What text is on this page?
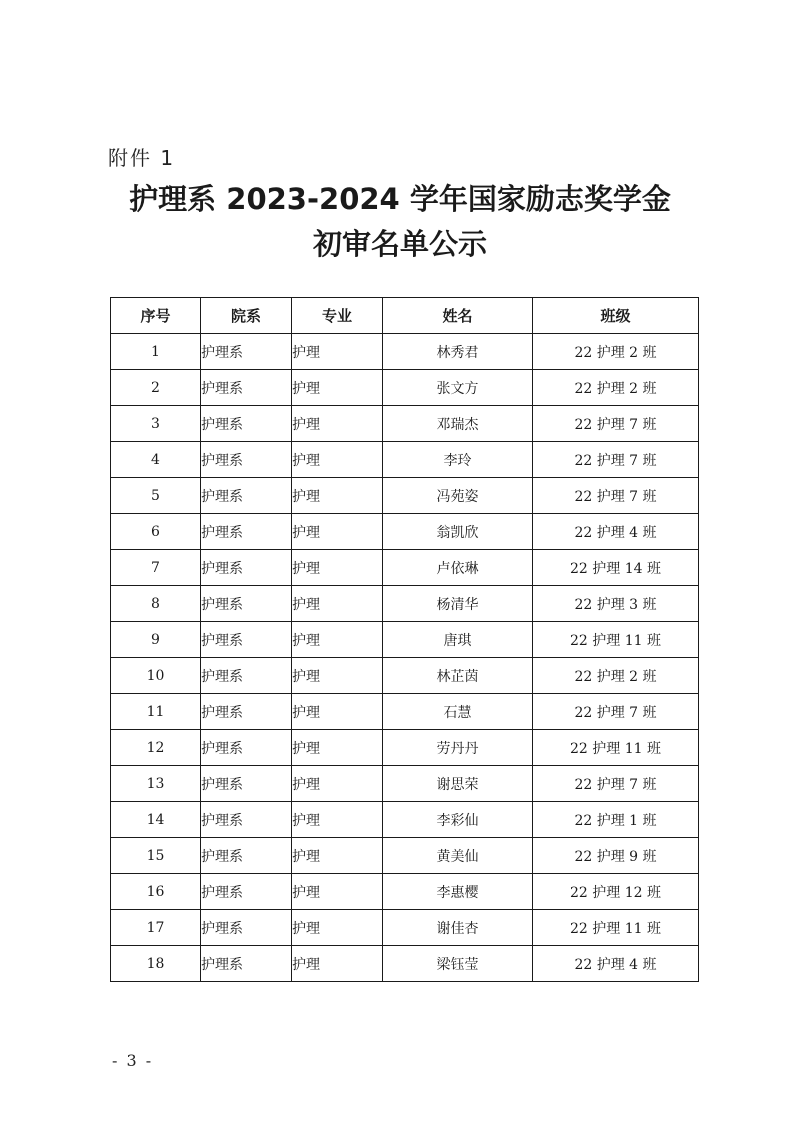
附件 1
护理系 2023-2024 学年国家励志奖学金
初审名单公示
序号	院系	专业	姓名	班级
1	护理系	护理	林秀君	22 护理 2 班
2	护理系	护理	张文方	22 护理 2 班
3	护理系	护理	邓瑞杰	22 护理 7 班
4	护理系	护理	李玲	22 护理 7 班
5	护理系	护理	冯苑姿	22 护理 7 班
6	护理系	护理	翁凯欣	22 护理 4 班
7	护理系	护理	卢依琳	22 护理 14 班
8	护理系	护理	杨清华	22 护理 3 班
9	护理系	护理	唐琪	22 护理 11 班
10	护理系	护理	林芷茵	22 护理 2 班
11	护理系	护理	石慧	22 护理 7 班
12	护理系	护理	劳丹丹	22 护理 11 班
13	护理系	护理	谢思荣	22 护理 7 班
14	护理系	护理	李彩仙	22 护理 1 班
15	护理系	护理	黄美仙	22 护理 9 班
16	护理系	护理	李惠樱	22 护理 12 班
17	护理系	护理	谢佳杏	22 护理 11 班
18	护理系	护理	梁钰莹	22 护理 4 班
- 3 -
